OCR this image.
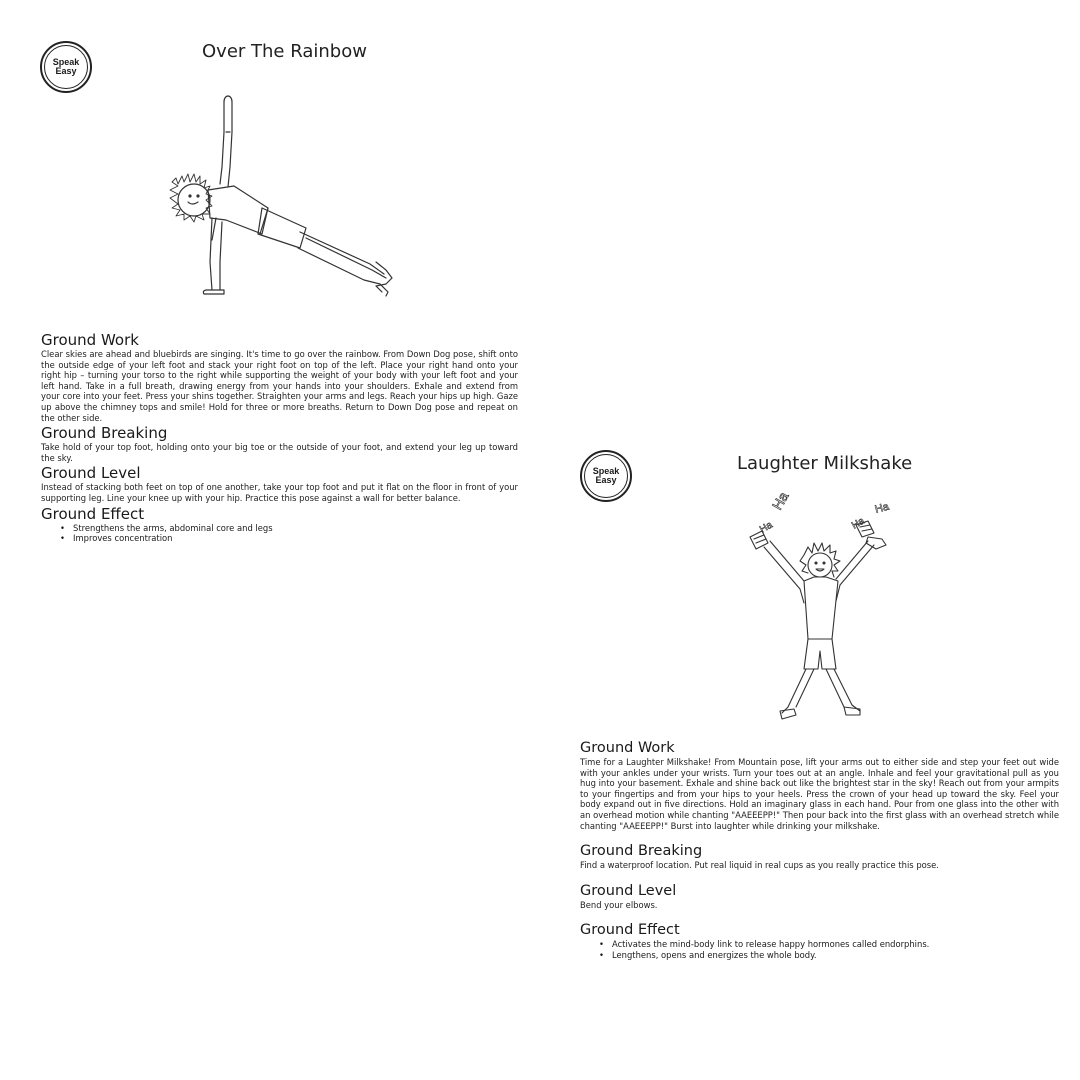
Speak Easy
Over The Rainbow
Ground Work

Clear skies are ahead and bluebirds are singing. It's time to go over the rainbow. From Down Dog pose, shift onto the outside edge of your left foot and stack your right foot on top of the left. Place your right hand onto your right hip – turning your torso to the right while supporting the weight of your body with your left foot and your left hand. Take in a full breath, drawing energy from your hands into your shoulders. Exhale and extend from your core into your feet. Press your shins together. Straighten your arms and legs. Reach your hips up high. Gaze up above the chimney tops and smile! Hold for three or more breaths. Return to Down Dog pose and repeat on the other side.

Ground Breaking

Take hold of your top foot, holding onto your big toe or the outside of your foot, and extend your leg up toward the sky.

Ground Level

Instead of stacking both feet on top of one another, take your top foot and put it flat on the floor in front of your supporting leg. Line your knee up with your hip. Practice this pose against a wall for better balance.

Ground Effect
• Strengthens the arms, abdominal core and legs
• Improves concentration
Speak Easy
Laughter Milkshake
Ha
Ha	Ha
Ha
Ground Work

Time for a Laughter Milkshake! From Mountain pose, lift your arms out to either side and step your feet out wide with your ankles under your wrists. Turn your toes out at an angle. Inhale and feel your gravitational pull as you hug into your basement. Exhale and shine back out like the brightest star in the sky! Reach out from your armpits to your fingertips and from your hips to your heels. Press the crown of your head up toward the sky. Feel your body expand out in five directions. Hold an imaginary glass in each hand. Pour from one glass into the other with an overhead motion while chanting "AAEEEPP!" Then pour back into the first glass with an overhead stretch while chanting "AAEEEPP!" Burst into laughter while drinking your milkshake.

Ground Breaking

Find a waterproof location. Put real liquid in real cups as you really practice this pose.

Ground Level

Bend your elbows.

Ground Effect
• Activates the mind-body link to release happy hormones called endorphins.
• Lengthens, opens and energizes the whole body.
